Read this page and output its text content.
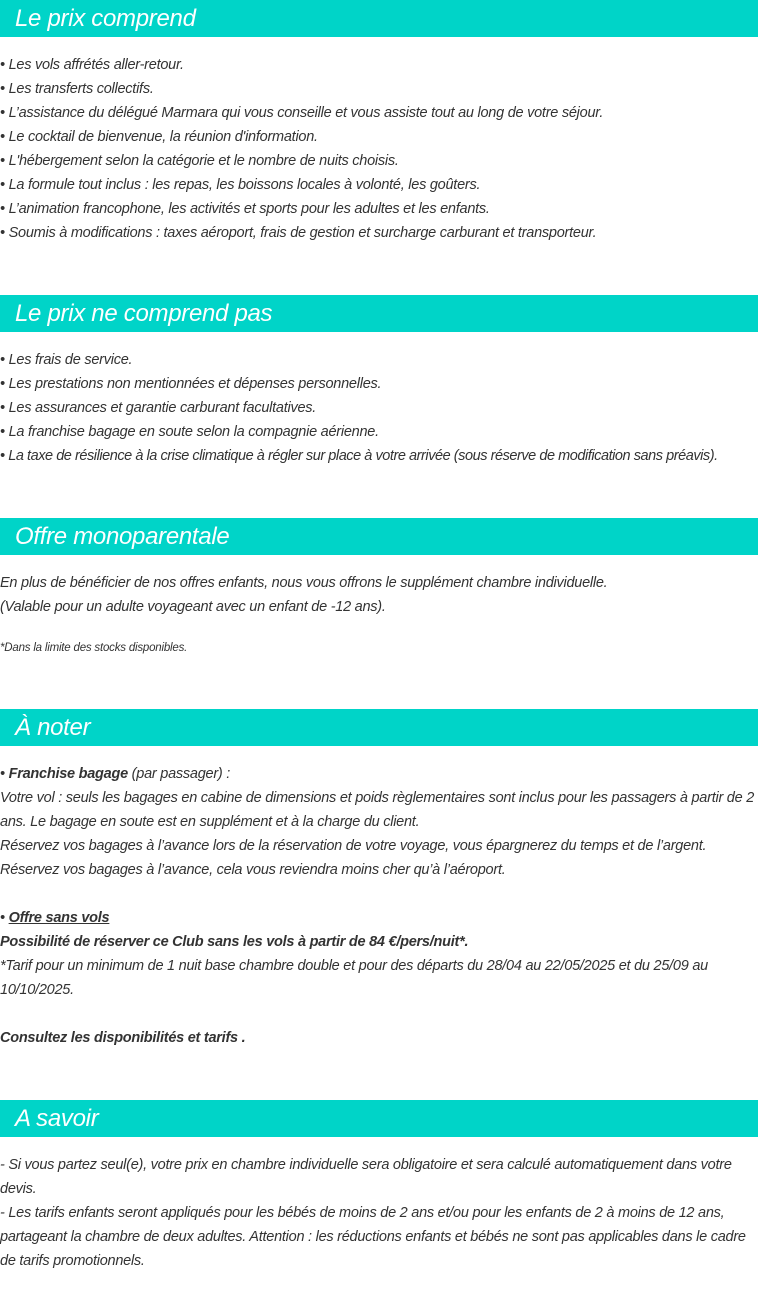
Le prix comprend
• Les vols affrétés aller-retour.
• Les transferts collectifs.
• L’assistance du délégué Marmara qui vous conseille et vous assiste tout au long de votre séjour.
• Le cocktail de bienvenue, la réunion d'information.
• L'hébergement selon la catégorie et le nombre de nuits choisis.
• La formule tout inclus : les repas, les boissons locales à volonté, les goûters.
• L’animation francophone, les activités et sports pour les adultes et les enfants.
• Soumis à modifications : taxes aéroport, frais de gestion et surcharge carburant et transporteur.
Le prix ne comprend pas
• Les frais de service.
• Les prestations non mentionnées et dépenses personnelles.
• Les assurances et garantie carburant facultatives.
• La franchise bagage en soute selon la compagnie aérienne.
• La taxe de résilience à la crise climatique à régler sur place à votre arrivée (sous réserve de modification sans préavis).
Offre monoparentale
En plus de bénéficier de nos offres enfants, nous vous offrons le supplément chambre individuelle.
(Valable pour un adulte voyageant avec un enfant de -12 ans).
*Dans la limite des stocks disponibles.
À noter
• Franchise bagage (par passager) :
Votre vol : seuls les bagages en cabine de dimensions et poids règlementaires sont inclus pour les passagers à partir de 2 ans. Le bagage en soute est en supplément et à la charge du client.
Réservez vos bagages à l’avance lors de la réservation de votre voyage, vous épargnerez du temps et de l’argent.
Réservez vos bagages à l’avance, cela vous reviendra moins cher qu’à l’aéroport.
• Offre sans vols
Possibilité de réserver ce Club sans les vols à partir de 84 €/pers/nuit*.
*Tarif pour un minimum de 1 nuit base chambre double et pour des départs du 28/04 au 22/05/2025 et du 25/09 au 10/10/2025.
Consultez les disponibilités et tarifs .
A savoir
- Si vous partez seul(e), votre prix en chambre individuelle sera obligatoire et sera calculé automatiquement dans votre devis.
- Les tarifs enfants seront appliqués pour les bébés de moins de 2 ans et/ou pour les enfants de 2 à moins de 12 ans, partageant la chambre de deux adultes. Attention : les réductions enfants et bébés ne sont pas applicables dans le cadre de tarifs promotionnels.
